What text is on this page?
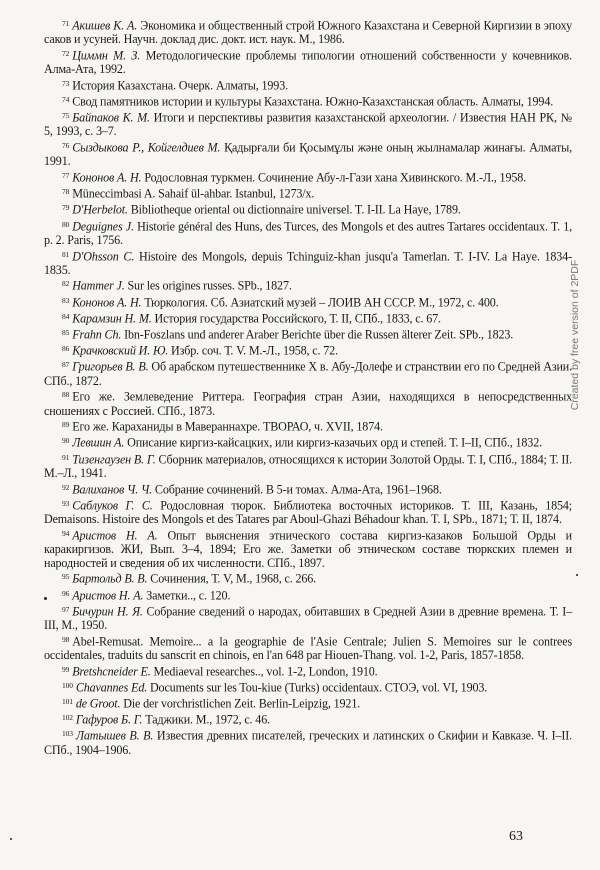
$^{71}$ Акишев К. А. Экономика и общественный строй Южного Казахстана и Северной Киргизии в эпоху саков и усуней. Научн. доклад дис. докт. ист. наук. М., 1986.
$^{72}$ Циммн М. З. Методологические проблемы типологии отношений собственности у кочевников. Алма-Ата, 1992.
$^{73}$ История Казахстана. Очерк. Алматы, 1993.
$^{74}$ Свод памятников истории и культуры Казахстана. Южно-Казахстанская область. Алматы, 1994.
$^{75}$ Байпаков К. М. Итоги и перспективы развития казахстанской археологии. / Известия НАН РК, № 5, 1993, с. 3–7.
$^{76}$ Сыздыкова Р., Койгелдиев М. Қадырғали би Қосымұлы және оның жылнамалар жинағы. Алматы, 1991.
$^{77}$ Кононов А. Н. Родословная туркмен. Сочинение Абу-л-Гази хана Хивинского. М.-Л., 1958.
$^{78}$ Müneccimbasi A. Sahaif ül-ahbar. Istanbul, 1273/x.
$^{79}$ D'Herbelot. Bibliotheque oriental ou dictionnaire universel. T. I-II. La Haye, 1789.
$^{80}$ Deguignes J. Historie général des Huns, des Turces, des Mongols et des autres Tartares occidentaux. T. 1, p. 2. Paris, 1756.
$^{81}$ D'Ohsson C. Histoire des Mongols, depuis Tchinguiz-khan jusqu'a Tamerlan. T. I-IV. La Haye. 1834-1835.
$^{82}$ Hammer J. Sur les origines russes. SPb., 1827.
$^{83}$ Кононов А. Н. Тюркология. Сб. Азиатский музей – ЛОИВ АН СССР. М., 1972, с. 400.
$^{84}$ Карамзин Н. М. История государства Российского, Т. II, СПб., 1833, с. 67.
$^{85}$ Frahn Ch. Ibn-Foszlans und anderer Araber Berichte über die Russen älterer Zeit. SPb., 1823.
$^{86}$ Крачковский И. Ю. Избр. соч. Т. V. М.-Л., 1958, с. 72.
$^{87}$ Григорьев В. В. Об арабском путешественнике Х в. Абу-Долефе и странствии его по Средней Азии. СПб., 1872.
$^{88}$ Его же. Землеведение Риттера. География стран Азии, находящихся в непосредственных сношениях с Россией. СПб., 1873.
$^{89}$ Его же. Караханиды в Мавераннахре. ТВОРАО, ч. XVII, 1874.
$^{90}$ Левшин А. Описание киргиз-кайсацких, или киргиз-казачьих орд и степей. Т. I–II, СПб., 1832.
$^{91}$ Тизенгаузен В. Г. Сборник материалов, относящихся к истории Золотой Орды. Т. I, СПб., 1884; Т. II. М.–Л., 1941.
$^{92}$ Валиханов Ч. Ч. Собрание сочинений. В 5-и томах. Алма-Ата, 1961–1968.
$^{93}$ Саблуков Г. С. Родословная тюрок. Библиотека восточных историков. Т. III, Казань, 1854; Demaisons. Histoire des Mongols et des Tatares par Aboul-Ghazi Béhadour khan. T. I, SPb., 1871; Т. II, 1874.
$^{94}$ Аристов Н. А. Опыт выяснения этнического состава киргиз-казаков Большой Орды и каракиргизов. ЖИ, Вып. 3–4, 1894; Его же. Заметки об этническом составе тюркских племен и народностей и сведения об их численности. СПб., 1897.
$^{95}$ Бартольд В. В. Сочинения, Т. V, М., 1968, с. 266.
$^{96}$ Аристов Н. А. Заметки.., с. 120.
$^{97}$ Бичурин Н. Я. Собрание сведений о народах, обитавших в Средней Азии в древние времена. Т. I–III, М., 1950.
$^{98}$ Abel-Remusat. Memoire... a la geographie de l'Asie Centrale; Julien S. Memoires sur le contrees occidentales, traduits du sanscrit en chinois, en l'an 648 par Hiouen-Thang. vol. 1-2, Paris, 1857-1858.
$^{99}$ Bretshcneider E. Mediaeval researches.., vol. 1-2, London, 1910.
$^{100}$ Chavannes Ed. Documents sur les Tou-kiue (Turks) occidentaux. СТОЭ, vol. VI, 1903.
$^{101}$ de Groot. Die der vorchristlichen Zeit. Berlin-Leipzig, 1921.
$^{102}$ Гафуров Б. Г. Таджики. М., 1972, с. 46.
$^{103}$ Латышев В. В. Известия древних писателей, греческих и латинских о Скифии и Кавказе. Ч. I–II. СПб., 1904–1906.
63
Created by free version of 2PDF
